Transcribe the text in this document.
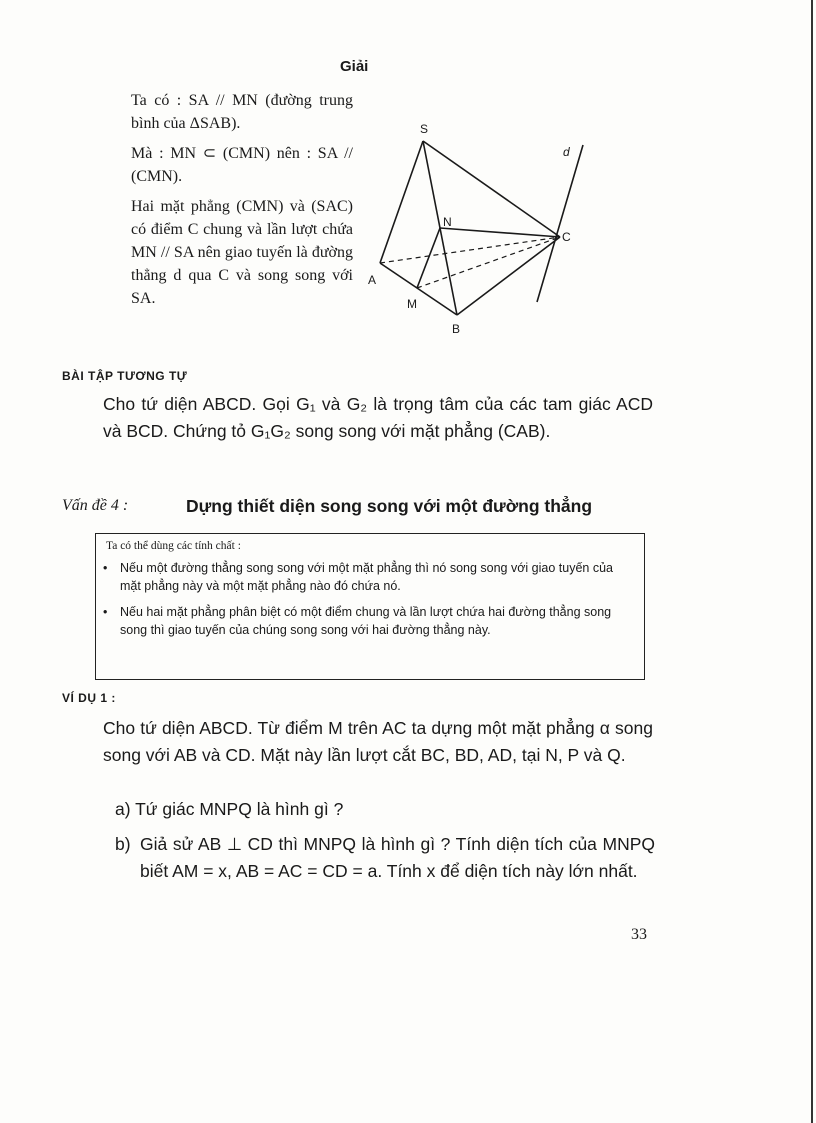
Giải

Ta có : SA // MN (đường trung bình của ΔSAB).

Mà : MN ⊂ (CMN) nên : SA // (CMN).

Hai mặt phẳng (CMN) và (SAC) có điểm C chung và lần lượt chứa MN // SA nên giao tuyến là đường thẳng d qua C và song song với SA.

S
N
C
A
M
B
d
BÀI TẬP TƯƠNG TỰ
Cho tứ diện ABCD. Gọi G₁ và G₂ là trọng tâm của các tam giác ACD và BCD. Chứng tỏ G₁G₂ song song với mặt phẳng (CAB).
Vấn đề 4 :	Dựng thiết diện song song với một đường thẳng
Ta có thể dùng các tính chất :
• Nếu một đường thẳng song song với một mặt phẳng thì nó song song với giao tuyến của mặt phẳng này và một mặt phẳng nào đó chứa nó.
• Nếu hai mặt phẳng phân biệt có một điểm chung và lần lượt chứa hai đường thẳng song song thì giao tuyến của chúng song song với hai đường thẳng này.
VÍ DỤ 1 :
Cho tứ diện ABCD. Từ điểm M trên AC ta dựng một mặt phẳng α song song với AB và CD. Mặt này lần lượt cắt BC, BD, AD, tại N, P và Q.
a) Tứ giác MNPQ là hình gì ?
b) Giả sử AB ⊥ CD thì MNPQ là hình gì ? Tính diện tích của MNPQ biết AM = x, AB = AC = CD = a. Tính x để diện tích này lớn nhất.
33
